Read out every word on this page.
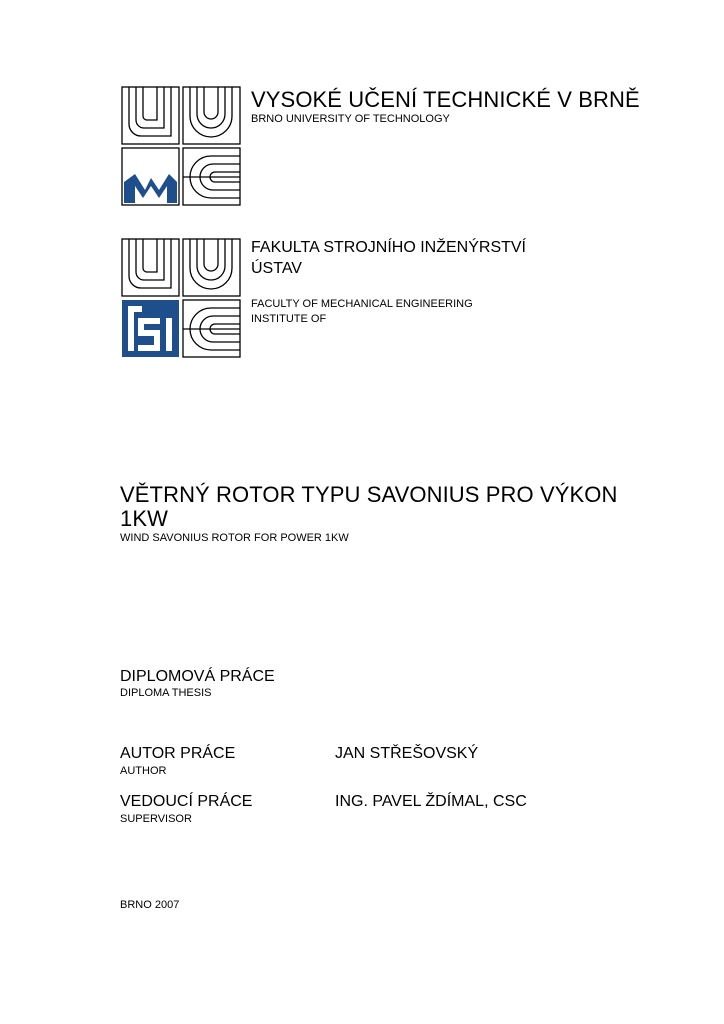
VYSOKÉ UČENÍ TECHNICKÉ V BRNĚ
BRNO UNIVERSITY OF TECHNOLOGY
FAKULTA STROJNÍHO INŽENÝRSTVÍ
ÚSTAV
FACULTY OF MECHANICAL ENGINEERING
INSTITUTE OF
VĚTRNÝ ROTOR TYPU SAVONIUS PRO VÝKON
1KW
WIND SAVONIUS ROTOR FOR POWER 1KW
DIPLOMOVÁ PRÁCE
DIPLOMA THESIS
AUTOR PRÁCE	JAN STŘEŠOVSKÝ
AUTHOR
VEDOUCÍ PRÁCE	ING. PAVEL ŽDÍMAL, CSC
SUPERVISOR
BRNO 2007
